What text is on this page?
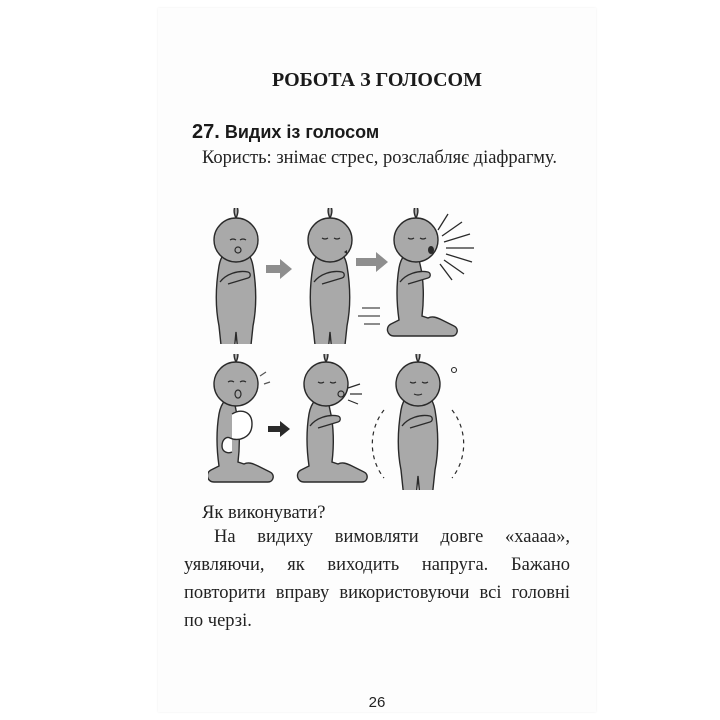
РОБОТА З ГОЛОСОМ
27. Видих із голосом

Користь: знімає стрес, розслабляє діафрагму.

Як виконувати?

На видиху вимовляти довге «хаааа», уявляючи, як виходить напруга. Бажано повторити вправу використовуючи всі головні по черзі.

26
